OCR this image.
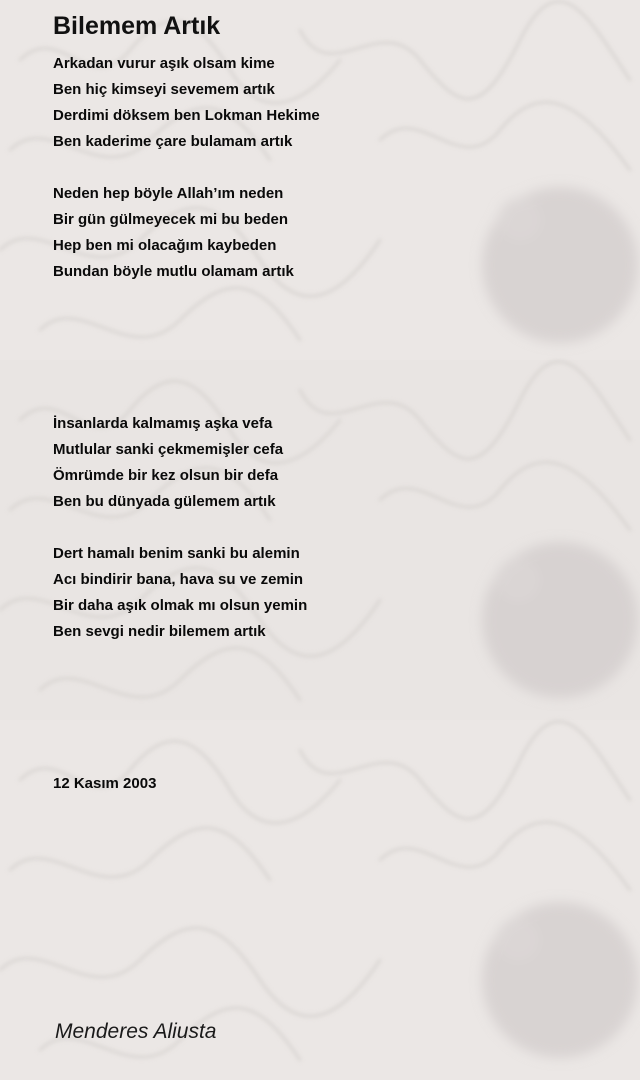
Bilemem Artık
Arkadan vurur aşık olsam kime
Ben hiç kimseyi sevemem artık
Derdimi döksem ben Lokman Hekime
Ben kaderime çare bulamam artık
Neden hep böyle Allah’ım neden
Bir gün gülmeyecek mi bu beden
Hep ben mi olacağım kaybeden
Bundan böyle mutlu olamam artık
İnsanlarda kalmamış aşka vefa
Mutlular sanki çekmemişler cefa
Ömrümde bir kez olsun bir defa
Ben bu dünyada gülemem artık
Dert hamalı benim sanki bu alemin
Acı bindirir bana, hava su ve zemin
Bir daha aşık olmak mı olsun yemin
Ben sevgi nedir bilemem artık
12 Kasım 2003
Menderes Aliusta
